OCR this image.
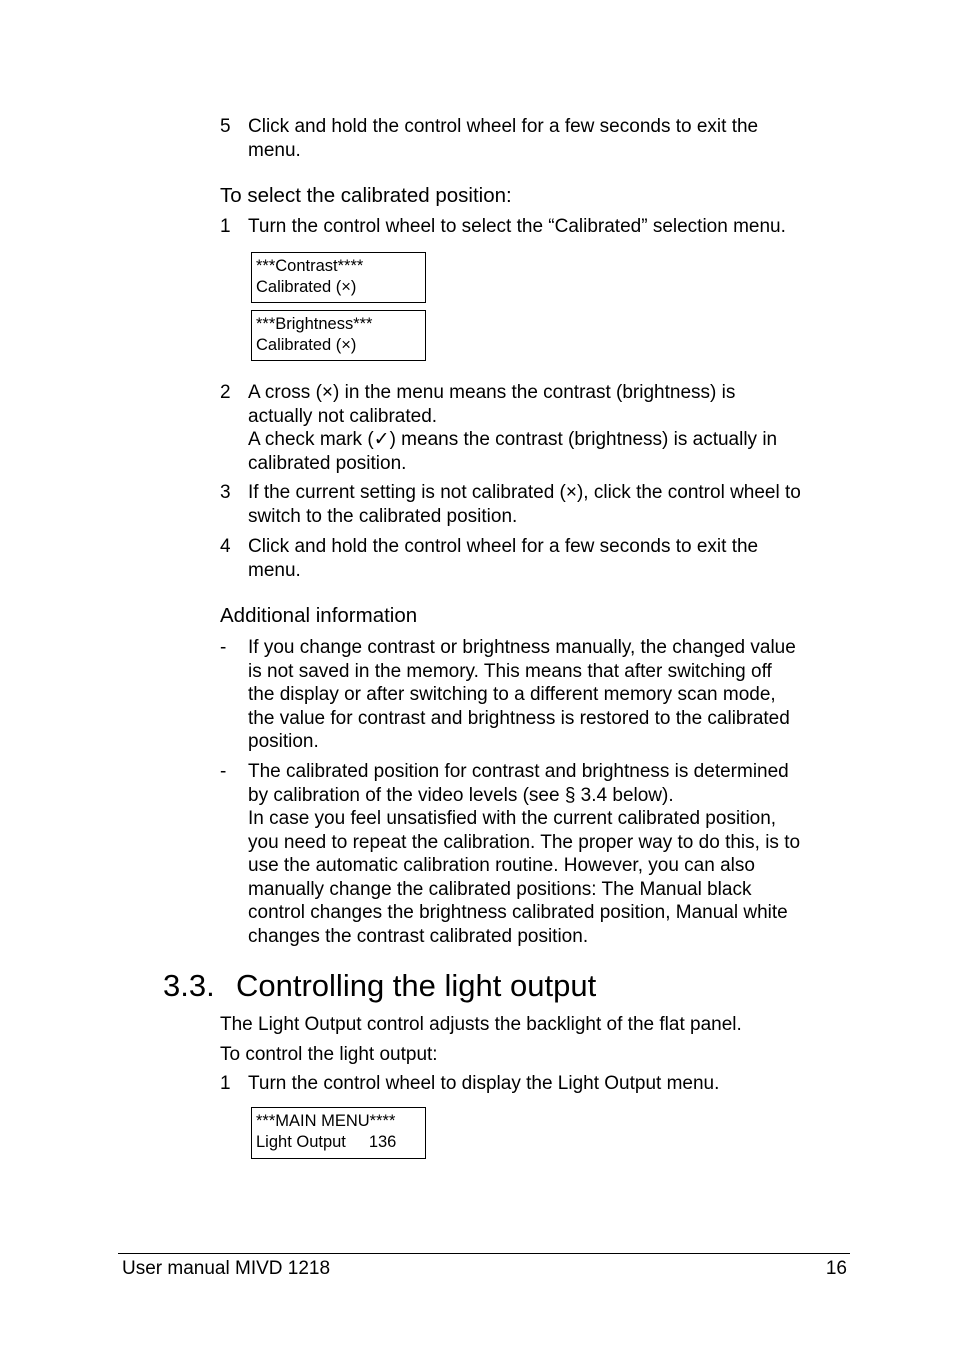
5 Click and hold the control wheel for a few seconds to exit the
menu.
To select the calibrated position:
1 Turn the control wheel to select the “Calibrated” selection menu.
***Contrast****
Calibrated (×)
***Brightness***
Calibrated (×)
2 A cross (×) in the menu means the contrast (brightness) is
actually not calibrated.
A check mark (✓) means the contrast (brightness) is actually in
calibrated position.
3 If the current setting is not calibrated (×), click the control wheel to
switch to the calibrated position.
4 Click and hold the control wheel for a few seconds to exit the
menu.
Additional information
-	If you change contrast or brightness manually, the changed value
is not saved in the memory. This means that after switching off
the display or after switching to a different memory scan mode,
the value for contrast and brightness is restored to the calibrated
position.
-	The calibrated position for contrast and brightness is determined
by calibration of the video levels (see § 3.4 below).
In case you feel unsatisfied with the current calibrated position,
you need to repeat the calibration. The proper way to do this, is to
use the automatic calibration routine. However, you can also
manually change the calibrated positions: The Manual black
control changes the brightness calibrated position, Manual white
changes the contrast calibrated position.
3.3. Controlling the light output
The Light Output control adjusts the backlight of the flat panel.
To control the light output:
1 Turn the control wheel to display the Light Output menu.
***MAIN MENU****
Light Output     136
User manual MIVD 1218	16
